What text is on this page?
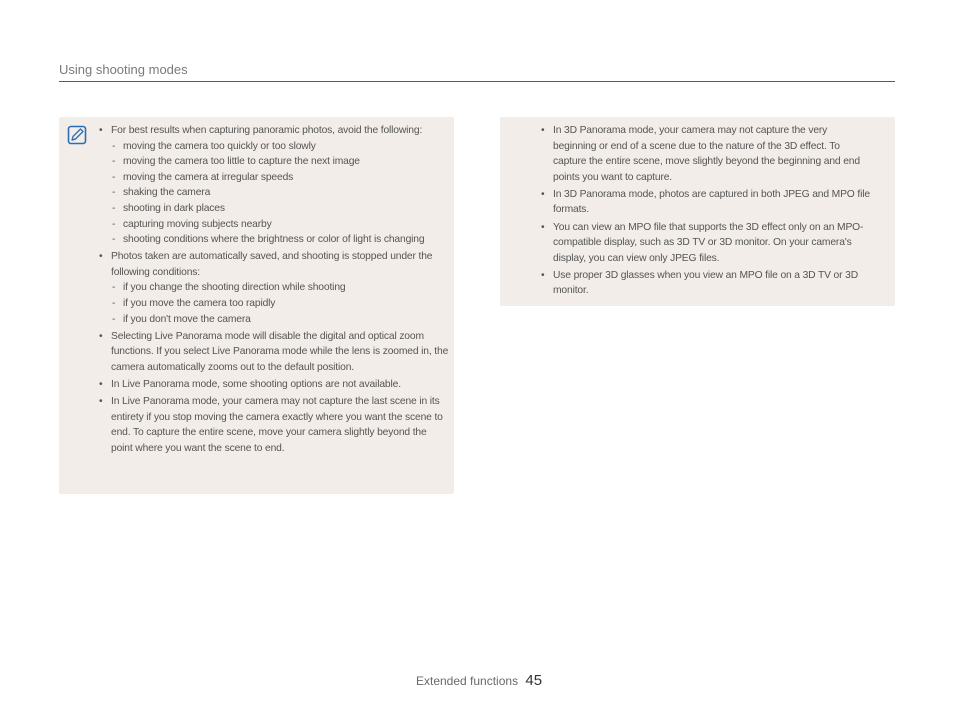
Using shooting modes
• For best results when capturing panoramic photos, avoid the following:
- moving the camera too quickly or too slowly
- moving the camera too little to capture the next image
- moving the camera at irregular speeds
- shaking the camera
- shooting in dark places
- capturing moving subjects nearby
- shooting conditions where the brightness or color of light is changing
• Photos taken are automatically saved, and shooting is stopped under the following conditions:
- if you change the shooting direction while shooting
- if you move the camera too rapidly
- if you don't move the camera
• Selecting Live Panorama mode will disable the digital and optical zoom functions. If you select Live Panorama mode while the lens is zoomed in, the camera automatically zooms out to the default position.
• In Live Panorama mode, some shooting options are not available.
• In Live Panorama mode, your camera may not capture the last scene in its entirety if you stop moving the camera exactly where you want the scene to end. To capture the entire scene, move your camera slightly beyond the point where you want the scene to end.
• In 3D Panorama mode, your camera may not capture the very beginning or end of a scene due to the nature of the 3D effect. To capture the entire scene, move slightly beyond the beginning and end points you want to capture.
• In 3D Panorama mode, photos are captured in both JPEG and MPO file formats.
• You can view an MPO file that supports the 3D effect only on an MPO-compatible display, such as 3D TV or 3D monitor. On your camera's display, you can view only JPEG files.
• Use proper 3D glasses when you view an MPO file on a 3D TV or 3D monitor.
Extended functions 45
